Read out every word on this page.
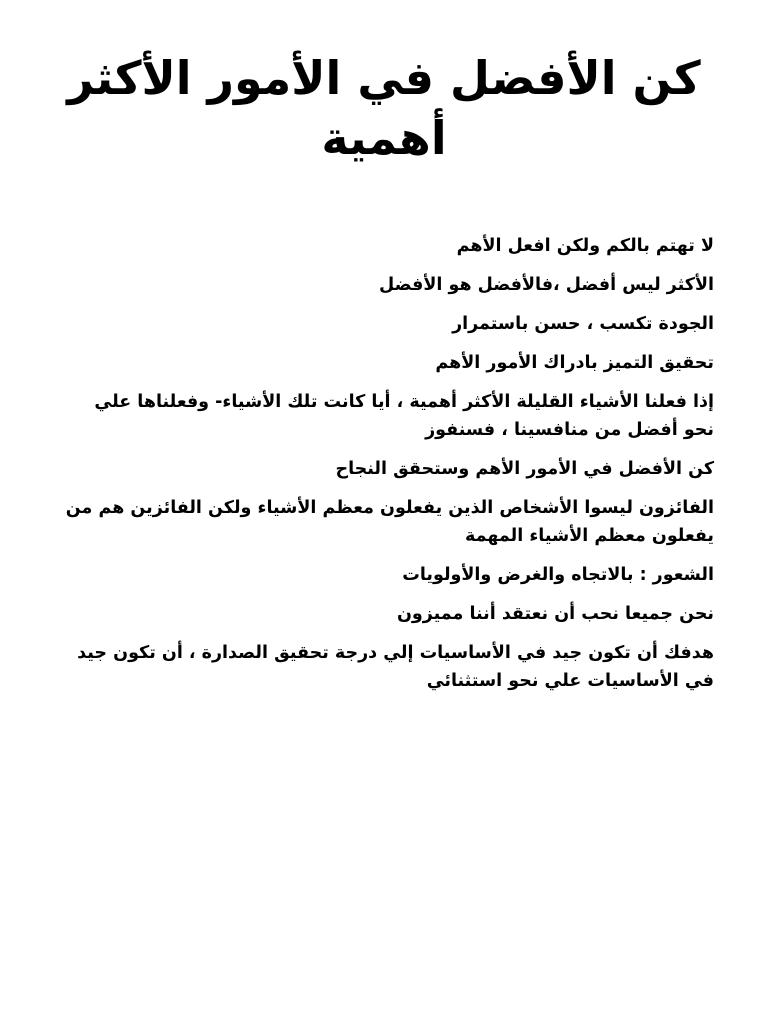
كن الأفضل في الأمور الأكثر أهمية

لا تهتم بالكم ولكن افعل الأهم

الأكثر ليس أفضل ،فالأفضل هو الأفضل

الجودة تكسب ، حسن باستمرار

تحقيق التميز بادراك الأمور الأهم

إذا فعلنا الأشياء القليلة الأكثر أهمية ، أيا كانت تلك الأشياء- وفعلناها علي نحو أفضل من منافسينا ، فسنفوز

كن الأفضل في الأمور الأهم وستحقق النجاح

الفائزون ليسوا الأشخاص الذين يفعلون معظم الأشياء ولكن الفائزين هم من يفعلون معظم الأشياء المهمة

الشعور : بالاتجاه والغرض والأولويات

نحن جميعا نحب أن نعتقد أننا مميزون

هدفك أن تكون جيد في الأساسيات إلي درجة تحقيق الصدارة ، أن تكون جيد في الأساسيات علي نحو استثنائي
